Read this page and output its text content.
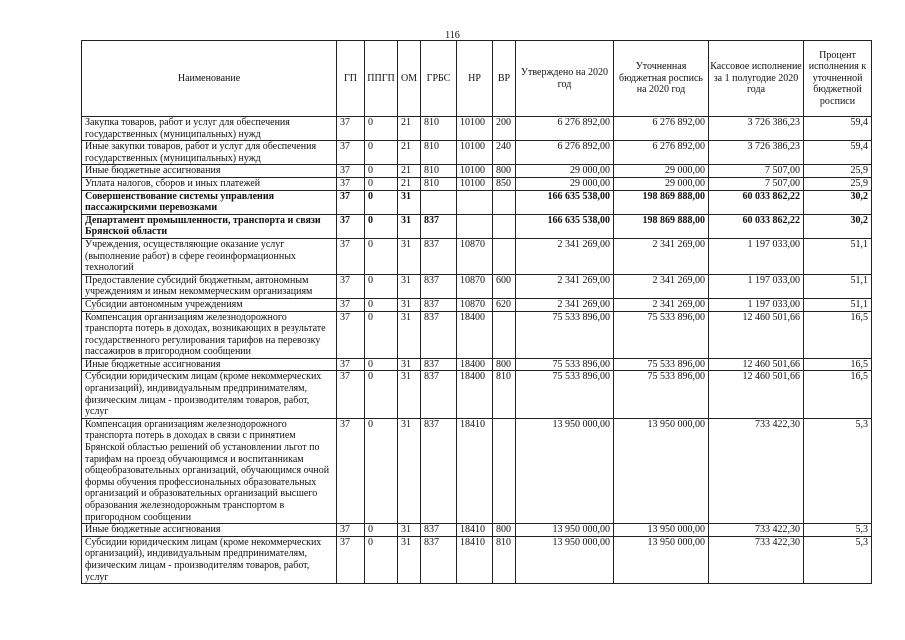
116
Наименование	ГП	ППГП	ОМ	ГРБС	НР	ВР	Утверждено на 2020 год	Уточненная бюджетная роспись на 2020 год	Кассовое исполнение за 1 полугодие 2020 года	Процент исполнения к уточненной бюджетной росписи
Закупка товаров, работ и услуг для обеспечения государственных (муниципальных) нужд	37	0	21	810	10100	200	6 276 892,00	6 276 892,00	3 726 386,23	59,4
Иные закупки товаров, работ и услуг для обеспечения государственных (муниципальных) нужд	37	0	21	810	10100	240	6 276 892,00	6 276 892,00	3 726 386,23	59,4
Иные бюджетные ассигнования	37	0	21	810	10100	800	29 000,00	29 000,00	7 507,00	25,9
Уплата налогов, сборов и иных платежей	37	0	21	810	10100	850	29 000,00	29 000,00	7 507,00	25,9
Совершенствование системы управления пассажирскими перевозками	37	0	31				166 635 538,00	198 869 888,00	60 033 862,22	30,2
Департамент промышленности, транспорта и связи Брянской области	37	0	31	837			166 635 538,00	198 869 888,00	60 033 862,22	30,2
Учреждения, осуществляющие оказание услуг (выполнение работ) в сфере геоинформационных технологий	37	0	31	837	10870		2 341 269,00	2 341 269,00	1 197 033,00	51,1
Предоставление субсидий бюджетным, автономным учреждениям и иным некоммерческим организациям	37	0	31	837	10870	600	2 341 269,00	2 341 269,00	1 197 033,00	51,1
Субсидии автономным учреждениям	37	0	31	837	10870	620	2 341 269,00	2 341 269,00	1 197 033,00	51,1
Компенсация организациям железнодорожного транспорта потерь в доходах, возникающих в результате государственного регулирования тарифов на перевозку пассажиров в пригородном сообщении	37	0	31	837	18400		75 533 896,00	75 533 896,00	12 460 501,66	16,5
Иные бюджетные ассигнования	37	0	31	837	18400	800	75 533 896,00	75 533 896,00	12 460 501,66	16,5
Субсидии юридическим лицам (кроме некоммерческих организаций), индивидуальным предпринимателям, физическим лицам - производителям товаров, работ, услуг	37	0	31	837	18400	810	75 533 896,00	75 533 896,00	12 460 501,66	16,5
Компенсация организациям железнодорожного транспорта потерь в доходах в связи с принятием Брянской областью решений об установлении льгот по тарифам на проезд обучающимся и воспитанникам общеобразовательных организаций, обучающимся очной формы обучения профессиональных образовательных организаций и образовательных организаций высшего образования железнодорожным транспортом в пригородном сообщении	37	0	31	837	18410		13 950 000,00	13 950 000,00	733 422,30	5,3
Иные бюджетные ассигнования	37	0	31	837	18410	800	13 950 000,00	13 950 000,00	733 422,30	5,3
Субсидии юридическим лицам (кроме некоммерческих организаций), индивидуальным предпринимателям, физическим лицам - производителям товаров, работ, услуг	37	0	31	837	18410	810	13 950 000,00	13 950 000,00	733 422,30	5,3
